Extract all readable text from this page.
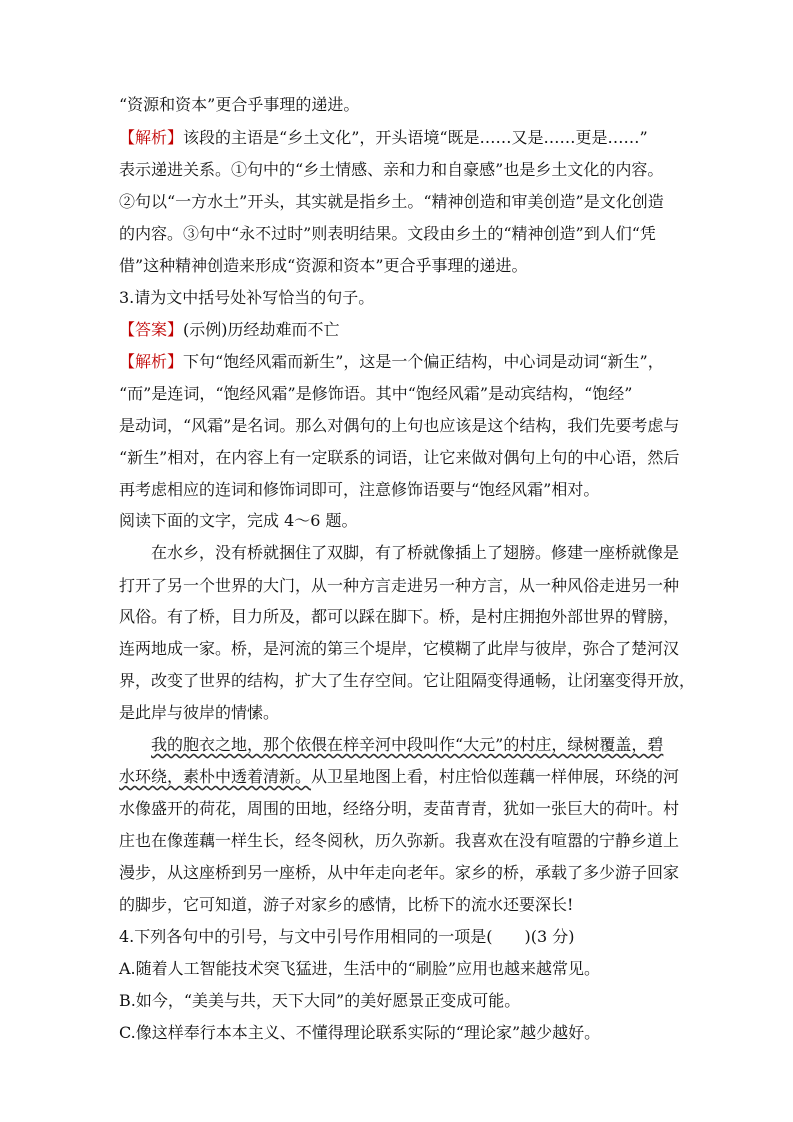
“资源和资本”更合乎事理的递进。
【解析】该段的主语是“乡土文化”，开头语境“既是……又是……更是……”
表示递进关系。①句中的“乡土情感、亲和力和自豪感”也是乡土文化的内容。
②句以“一方水土”开头，其实就是指乡土。“精神创造和审美创造”是文化创造
的内容。③句中“永不过时”则表明结果。文段由乡土的“精神创造”到人们“凭
借”这种精神创造来形成“资源和资本”更合乎事理的递进。
3.请为文中括号处补写恰当的句子。
【答案】(示例)历经劫难而不亡
【解析】下句“饱经风霜而新生”，这是一个偏正结构，中心词是动词“新生”，
“而”是连词，“饱经风霜”是修饰语。其中“饱经风霜”是动宾结构，“饱经”
是动词，“风霜”是名词。那么对偶句的上句也应该是这个结构，我们先要考虑与
“新生”相对，在内容上有一定联系的词语，让它来做对偶句上句的中心语，然后
再考虑相应的连词和修饰词即可，注意修饰语要与“饱经风霜”相对。
阅读下面的文字，完成 4～6 题。
在水乡，没有桥就捆住了双脚，有了桥就像插上了翅膀。修建一座桥就像是
打开了另一个世界的大门，从一种方言走进另一种方言，从一种风俗走进另一种
风俗。有了桥，目力所及，都可以踩在脚下。桥，是村庄拥抱外部世界的臂膀，
连两地成一家。桥，是河流的第三个堤岸，它模糊了此岸与彼岸，弥合了楚河汉
界，改变了世界的结构，扩大了生存空间。它让阻隔变得通畅，让闭塞变得开放，
是此岸与彼岸的情愫。
我的胞衣之地，那个依偎在梓辛河中段叫作“大元”的村庄，绿树覆盖，碧
水环绕，素朴中透着清新。从卫星地图上看，村庄恰似莲藕一样伸展，环绕的河
水像盛开的荷花，周围的田地，经络分明，麦苗青青，犹如一张巨大的荷叶。村
庄也在像莲藕一样生长，经冬阅秋，历久弥新。我喜欢在没有喧嚣的宁静乡道上
漫步，从这座桥到另一座桥，从中年走向老年。家乡的桥，承载了多少游子回家
的脚步，它可知道，游子对家乡的感情，比桥下的流水还要深长!
4.下列各句中的引号，与文中引号作用相同的一项是(　　)(3 分)
A.随着人工智能技术突飞猛进，生活中的“刷脸”应用也越来越常见。
B.如今，“美美与共，天下大同”的美好愿景正变成可能。
C.像这样奉行本本主义、不懂得理论联系实际的“理论家”越少越好。
